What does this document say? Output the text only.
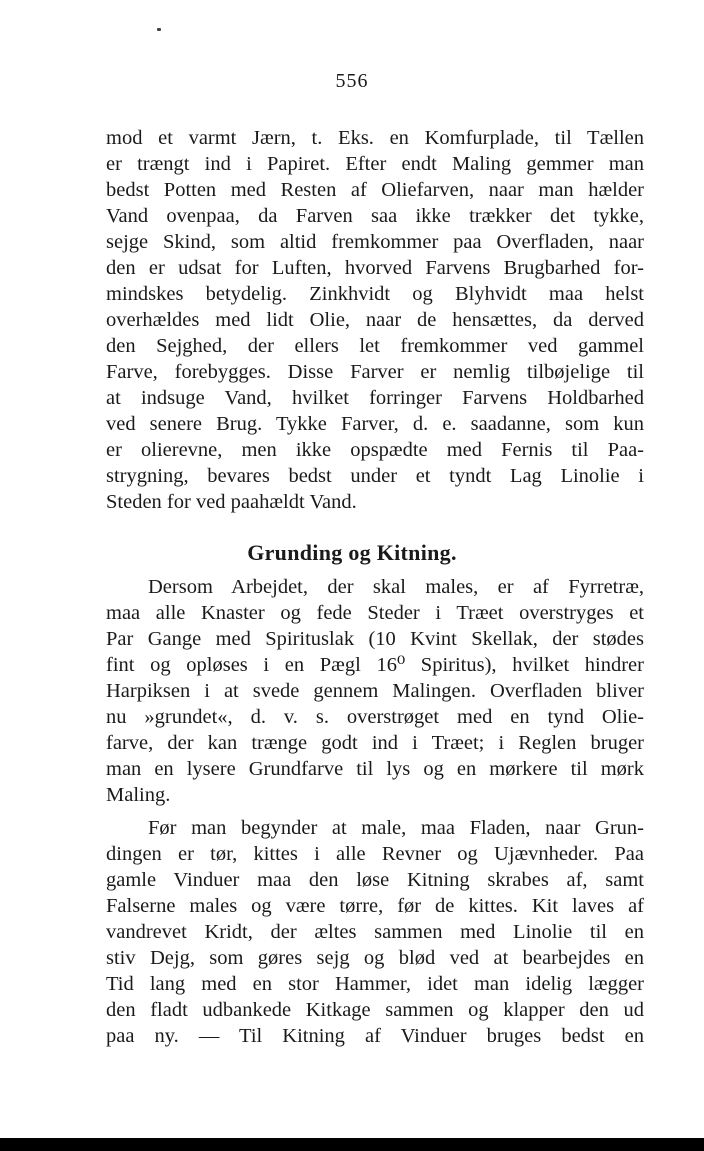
556
mod et varmt Jærn, t. Eks. en Komfurplade, til Tællen
er trængt ind i Papiret. Efter endt Maling gemmer man
bedst Potten med Resten af Oliefarven, naar man hælder
Vand ovenpaa, da Farven saa ikke trækker det tykke,
sejge Skind, som altid fremkommer paa Overfladen, naar
den er udsat for Luften, hvorved Farvens Brugbarhed for-
mindskes betydelig. Zinkhvidt og Blyhvidt maa helst
overhældes med lidt Olie, naar de hensættes, da derved
den Sejghed, der ellers let fremkommer ved gammel
Farve, forebygges. Disse Farver er nemlig tilbøjelige til
at indsuge Vand, hvilket forringer Farvens Holdbarhed
ved senere Brug. Tykke Farver, d. e. saadanne, som kun
er olierevne, men ikke opspædte med Fernis til Paa-
strygning, bevares bedst under et tyndt Lag Linolie i
Steden for ved paahældt Vand.
Grunding og Kitning.
Dersom Arbejdet, der skal males, er af Fyrretræ,
maa alle Knaster og fede Steder i Træet overstryges et
Par Gange med Spirituslak (10 Kvint Skellak, der stødes
fint og opløses i en Pægl 16⁰ Spiritus), hvilket hindrer
Harpiksen i at svede gennem Malingen. Overfladen bliver
nu »grundet«, d. v. s. overstrøget med en tynd Olie-
farve, der kan trænge godt ind i Træet; i Reglen bruger
man en lysere Grundfarve til lys og en mørkere til mørk
Maling.
Før man begynder at male, maa Fladen, naar Grun-
dingen er tør, kittes i alle Revner og Ujævnheder. Paa
gamle Vinduer maa den løse Kitning skrabes af, samt
Falserne males og være tørre, før de kittes. Kit laves af
vandrevet Kridt, der æltes sammen med Linolie til en
stiv Dejg, som gøres sejg og blød ved at bearbejdes en
Tid lang med en stor Hammer, idet man idelig lægger
den fladt udbankede Kitkage sammen og klapper den ud
paa ny. — Til Kitning af Vinduer bruges bedst en
